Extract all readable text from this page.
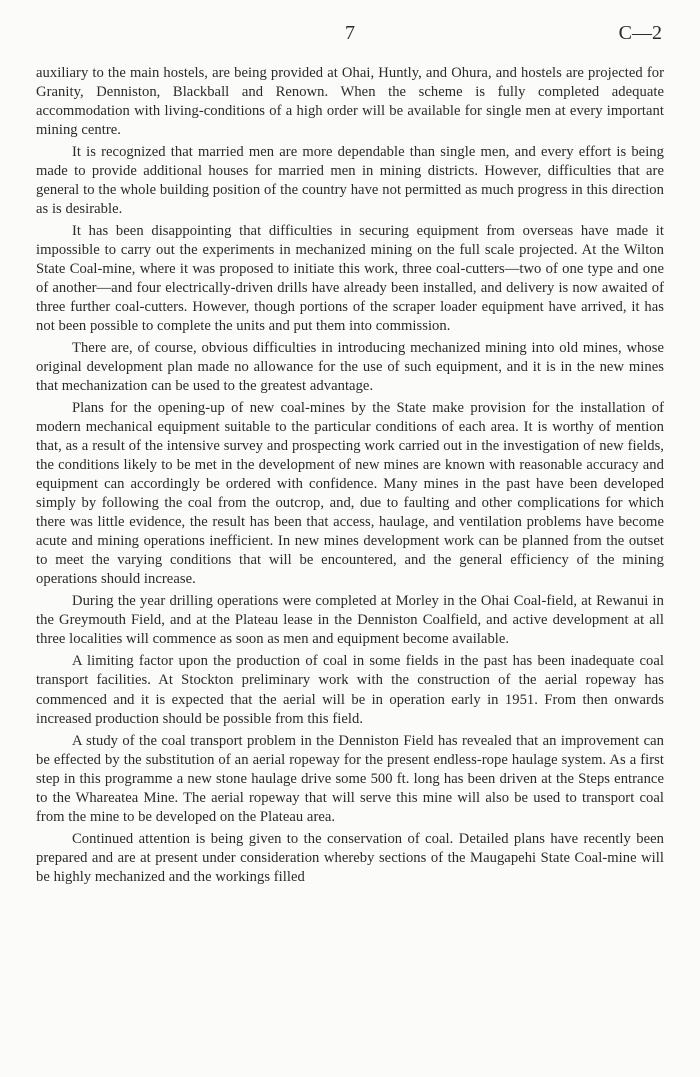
7	C—2

auxiliary to the main hostels, are being provided at Ohai, Huntly, and Ohura, and hostels are projected for Granity, Denniston, Blackball and Renown. When the scheme is fully completed adequate accommodation with living-conditions of a high order will be available for single men at every important mining centre.

It is recognized that married men are more dependable than single men, and every effort is being made to provide additional houses for married men in mining districts. However, difficulties that are general to the whole building position of the country have not permitted as much progress in this direction as is desirable.

It has been disappointing that difficulties in securing equipment from overseas have made it impossible to carry out the experiments in mechanized mining on the full scale projected. At the Wilton State Coal-mine, where it was proposed to initiate this work, three coal-cutters—two of one type and one of another—and four electrically-driven drills have already been installed, and delivery is now awaited of three further coal-cutters. However, though portions of the scraper loader equipment have arrived, it has not been possible to complete the units and put them into commission.

There are, of course, obvious difficulties in introducing mechanized mining into old mines, whose original development plan made no allowance for the use of such equipment, and it is in the new mines that mechanization can be used to the greatest advantage.

Plans for the opening-up of new coal-mines by the State make provision for the installation of modern mechanical equipment suitable to the particular conditions of each area. It is worthy of mention that, as a result of the intensive survey and prospecting work carried out in the investigation of new fields, the conditions likely to be met in the development of new mines are known with reasonable accuracy and equipment can accordingly be ordered with confidence. Many mines in the past have been developed simply by following the coal from the outcrop, and, due to faulting and other complications for which there was little evidence, the result has been that access, haulage, and ventilation problems have become acute and mining operations inefficient. In new mines development work can be planned from the outset to meet the varying conditions that will be encountered, and the general efficiency of the mining operations should increase.

During the year drilling operations were completed at Morley in the Ohai Coal-field, at Rewanui in the Greymouth Field, and at the Plateau lease in the Denniston Coalfield, and active development at all three localities will commence as soon as men and equipment become available.

A limiting factor upon the production of coal in some fields in the past has been inadequate coal transport facilities. At Stockton preliminary work with the construction of the aerial ropeway has commenced and it is expected that the aerial will be in operation early in 1951. From then onwards increased production should be possible from this field.

A study of the coal transport problem in the Denniston Field has revealed that an improvement can be effected by the substitution of an aerial ropeway for the present endless-rope haulage system. As a first step in this programme a new stone haulage drive some 500 ft. long has been driven at the Steps entrance to the Whareatea Mine. The aerial ropeway that will serve this mine will also be used to transport coal from the mine to be developed on the Plateau area.

Continued attention is being given to the conservation of coal. Detailed plans have recently been prepared and are at present under consideration whereby sections of the Maugapehi State Coal-mine will be highly mechanized and the workings filled
